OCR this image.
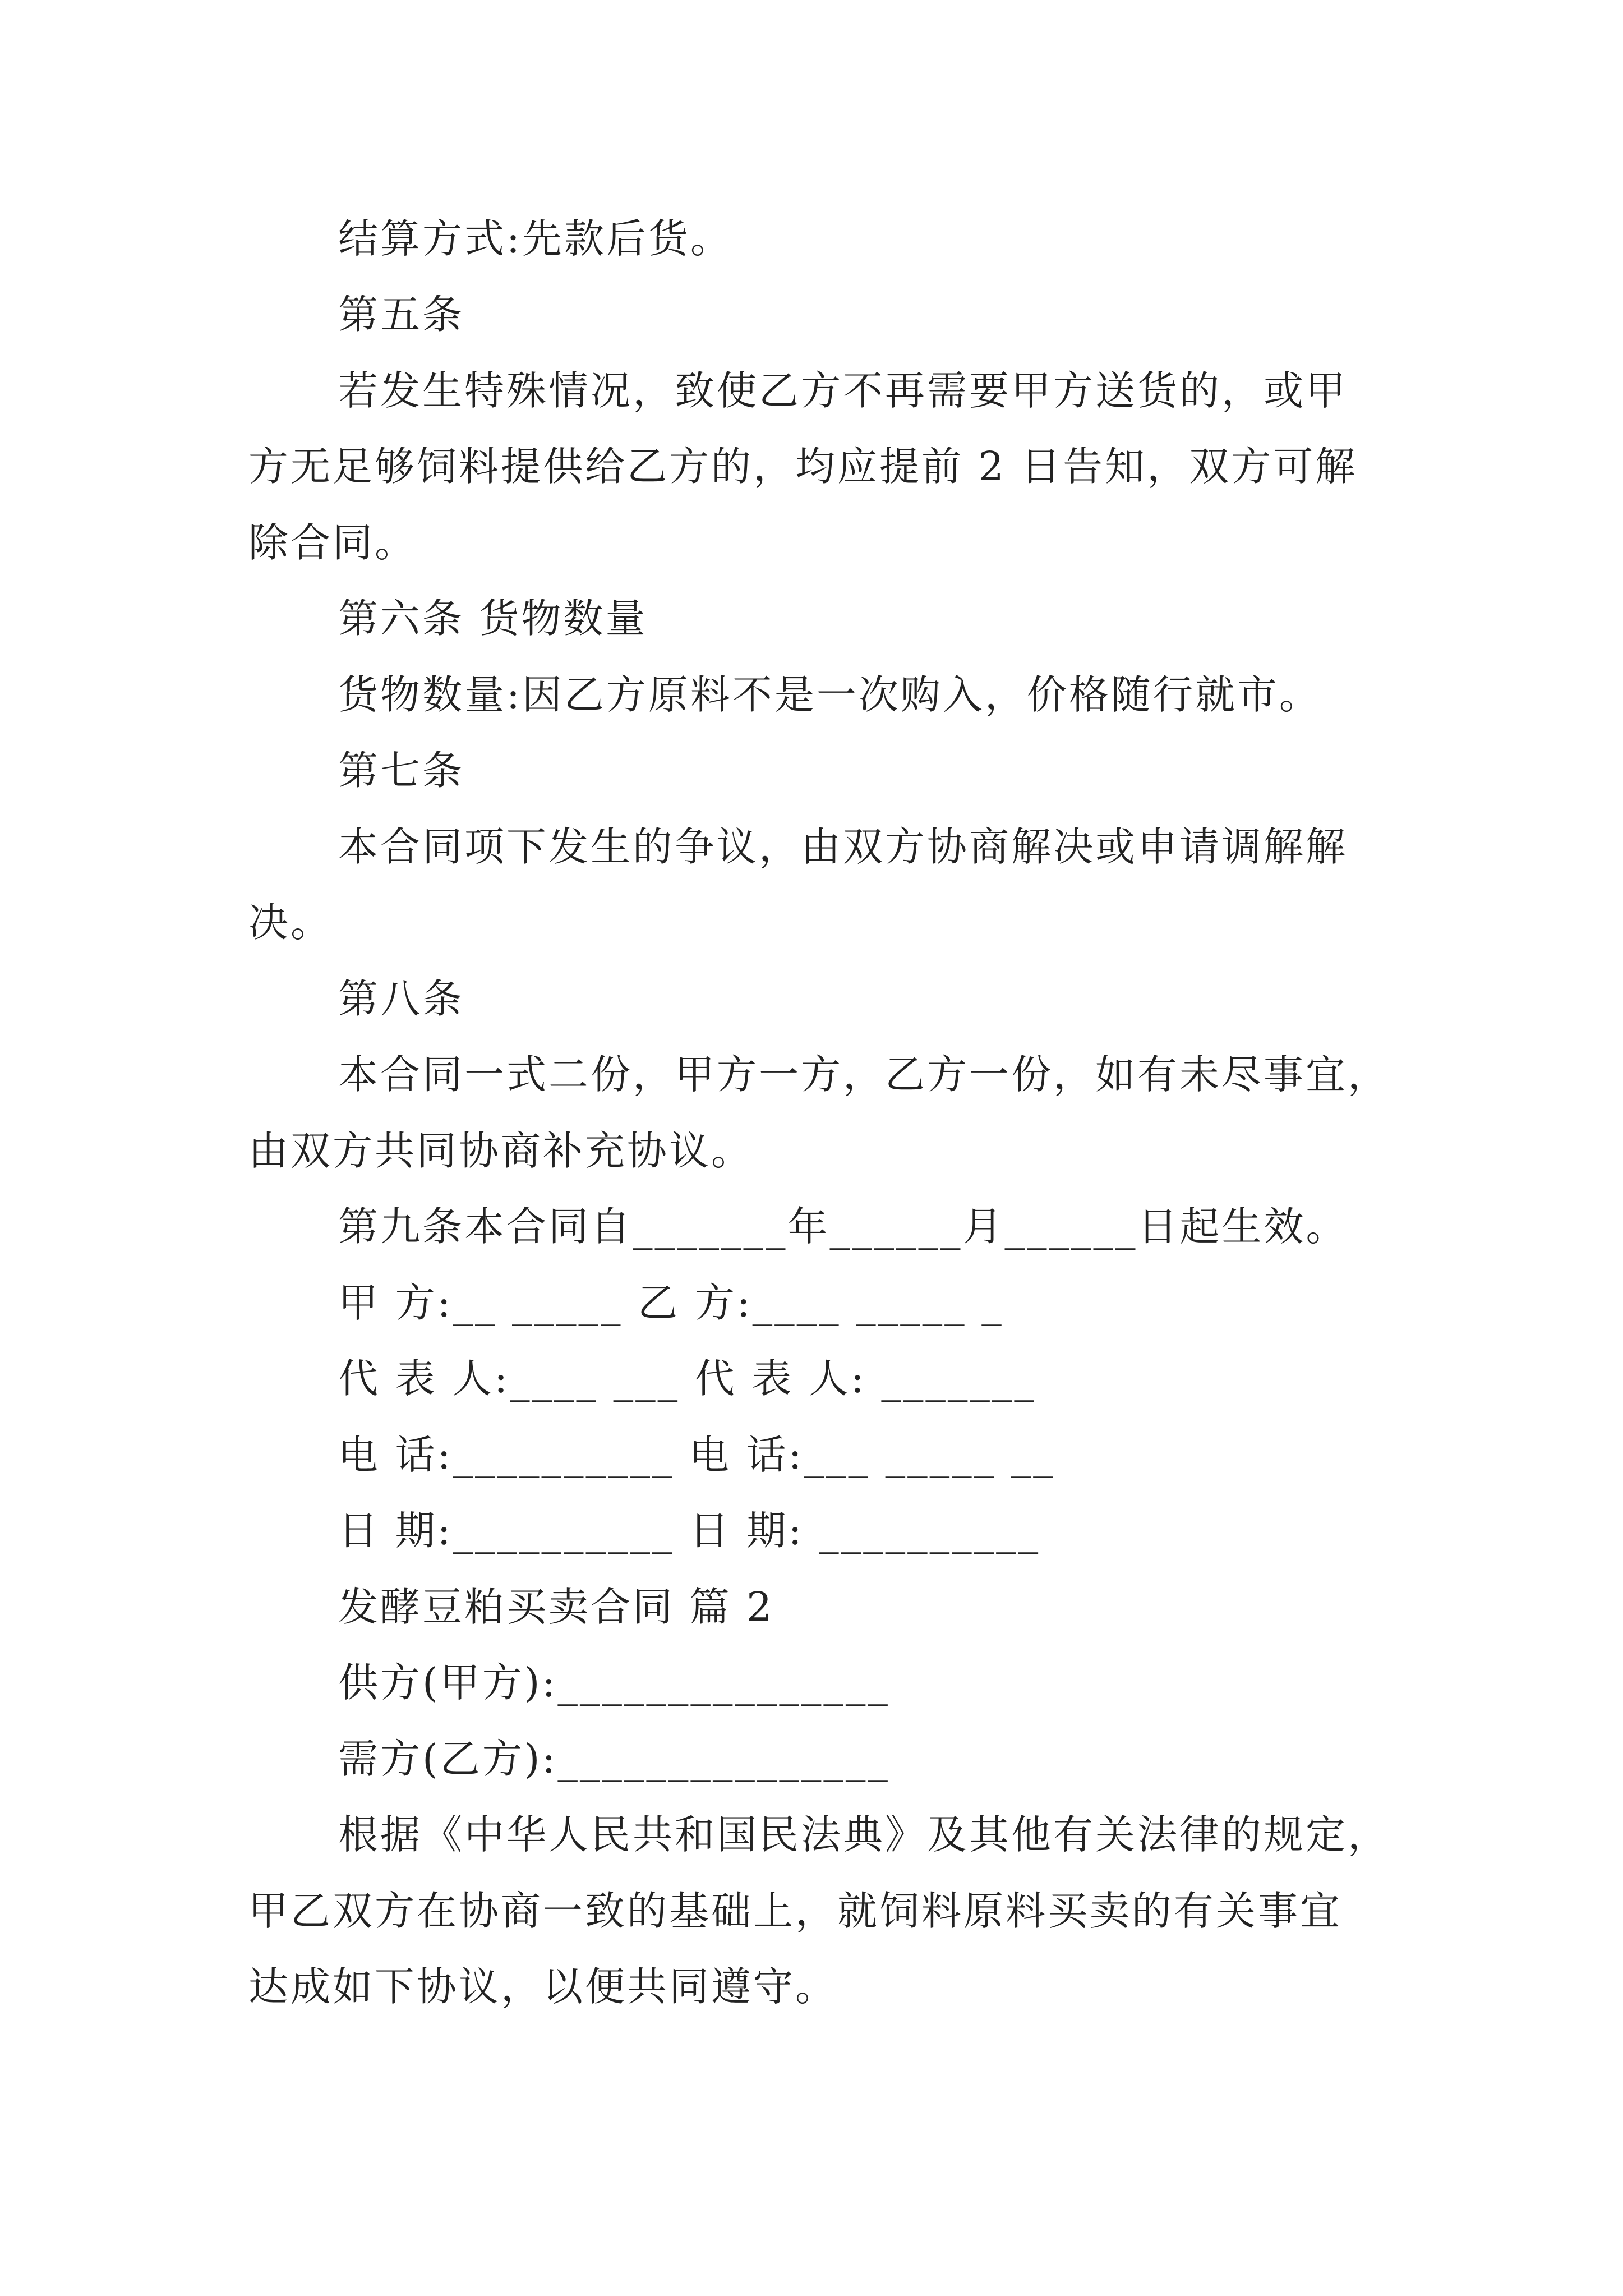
结算方式:先款后货。
第五条
若发生特殊情况，致使乙方不再需要甲方送货的，或甲
方无足够饲料提供给乙方的，均应提前 2 日告知，双方可解
除合同。
第六条 货物数量
货物数量:因乙方原料不是一次购入，价格随行就市。
第七条
本合同项下发生的争议，由双方协商解决或申请调解解
决。
第八条
本合同一式二份，甲方一方，乙方一份，如有未尽事宜，
由双方共同协商补充协议。
第九条本合同自_______年______月______日起生效。
甲 方:__ _____ 乙 方:____ _____ _
代 表 人:____ ___ 代 表 人: _______
电 话:__________ 电 话:___ _____ __
日 期:__________ 日 期: __________
发酵豆粕买卖合同 篇 2
供方(甲方):_______________
需方(乙方):_______________
根据《中华人民共和国民法典》及其他有关法律的规定，
甲乙双方在协商一致的基础上，就饲料原料买卖的有关事宜
达成如下协议，以便共同遵守。
